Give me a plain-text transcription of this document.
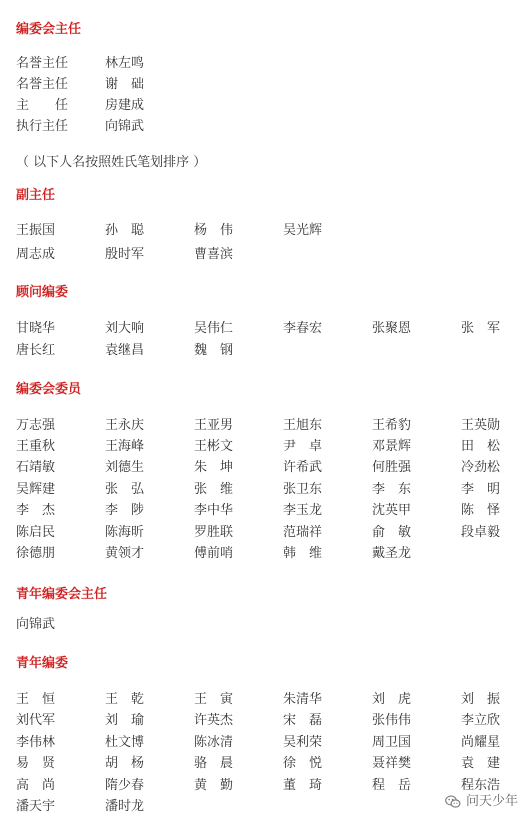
编委会主任
名誉主任	林左鸣
名誉主任	谢　础
主　　任	房建成
执行主任	向锦武
（ 以下人名按照姓氏笔划排序 ）
副主任
王振国	孙　聪	杨　伟	吴光辉
周志成	殷时军	曹喜滨
顾问编委
甘晓华	刘大响	吴伟仁	李春宏	张聚恩	张　军
唐长红	袁继昌	魏　钢
编委会委员
万志强	王永庆	王亚男	王旭东	王希豹	王英勋
王重秋	王海峰	王彬文	尹　卓	邓景辉	田　松
石靖敏	刘德生	朱　坤	许希武	何胜强	冷劲松
吴辉建	张　弘	张　维	张卫东	李　东	李　明
李　杰	李　陟	李中华	李玉龙	沈英甲	陈　怿
陈启民	陈海昕	罗胜联	范瑞祥	俞　敏	段卓毅
徐德朋	黄领才	傅前哨	韩　维	戴圣龙
青年编委会主任
向锦武
青年编委
王　恒	王　乾	王　寅	朱清华	刘　虎	刘　振
刘代军	刘　瑜	许英杰	宋　磊	张伟伟	李立欣
李伟林	杜文博	陈冰清	吴利荣	周卫国	尚耀星
易　贤	胡　杨	骆　晨	徐　悦	聂祥樊	袁　建
高　尚	隋少春	黄　勤	董　琦	程　岳	程东浩
潘天宇	潘时龙	问天少年
